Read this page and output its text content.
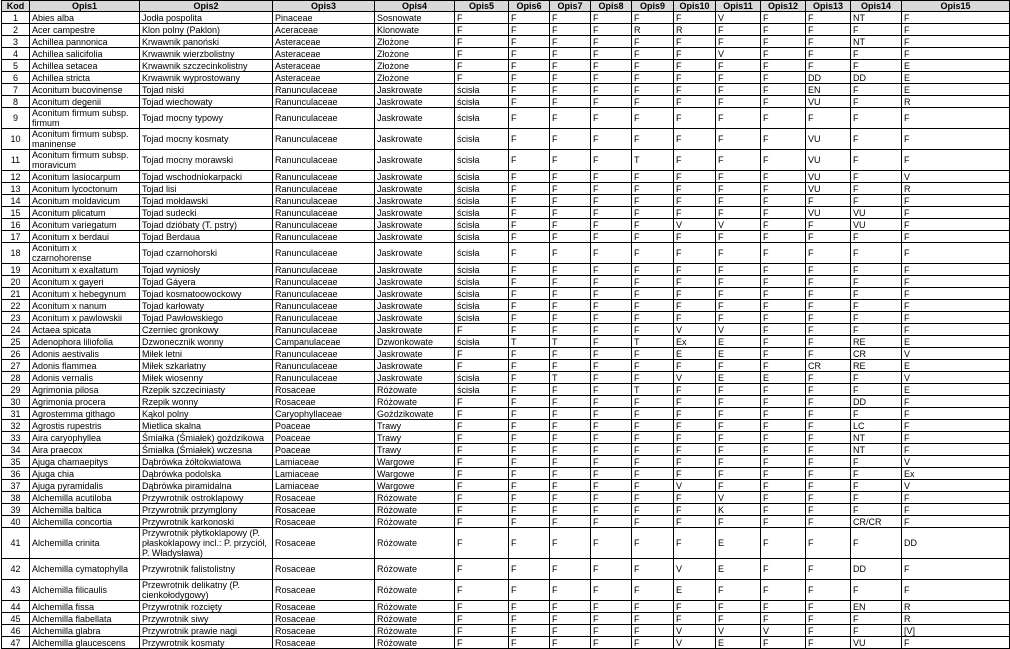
Kod	Opis1	Opis2	Opis3	Opis4	Opis5	Opis6	Opis7	Opis8	Opis9	Opis10	Opis11	Opis12	Opis13	Opis14	Opis15
1	Abies alba	Jodła pospolita	Pinaceae	Sosnowate	F	F	F	F	F	F	V	F	F	NT	F
2	Acer campestre	Klon polny (Paklon)	Aceraceae	Klonowate	F	F	F	F	R	R	F	F	F	F	F
3	Achillea pannonica	Krwawnik panoński	Asteraceae	Złożone	F	F	F	F	F	F	F	F	F	NT	F
4	Achillea salicifolia	Krwawnik wierzbolistny	Asteraceae	Złożone	F	F	F	F	F	F	V	F	F	F	F
5	Achillea setacea	Krwawnik szczecinkolistny	Asteraceae	Złożone	F	F	F	F	F	F	F	F	F	F	E
6	Achillea stricta	Krwawnik wyprostowany	Asteraceae	Złożone	F	F	F	F	F	F	F	F	DD	DD	E
7	Aconitum bucovinense	Tojad niski	Ranunculaceae	Jaskrowate	ścisła	F	F	F	F	F	F	F	EN	F	E
8	Aconitum degenii	Tojad wiechowaty	Ranunculaceae	Jaskrowate	ścisła	F	F	F	F	F	F	F	VU	F	R
9	Aconitum firmum subsp. firmum	Tojad mocny typowy	Ranunculaceae	Jaskrowate	ścisła	F	F	F	F	F	F	F	F	F	F
10	Aconitum firmum subsp. maninense	Tojad mocny kosmaty	Ranunculaceae	Jaskrowate	ścisła	F	F	F	F	F	F	F	VU	F	F
11	Aconitum firmum subsp. moravicum	Tojad mocny morawski	Ranunculaceae	Jaskrowate	ścisła	F	F	F	T	F	F	F	VU	F	F
12	Aconitum lasiocarpum	Tojad wschodniokarpacki	Ranunculaceae	Jaskrowate	ścisła	F	F	F	F	F	F	F	VU	F	V
13	Aconitum lycoctonum	Tojad lisi	Ranunculaceae	Jaskrowate	ścisła	F	F	F	F	F	F	F	VU	F	R
14	Aconitum moldavicum	Tojad mołdawski	Ranunculaceae	Jaskrowate	ścisła	F	F	F	F	F	F	F	F	F	F
15	Aconitum plicatum	Tojad sudecki	Ranunculaceae	Jaskrowate	ścisła	F	F	F	F	F	F	F	VU	VU	F
16	Aconitum variegatum	Tojad dzióbaty (T. pstry)	Ranunculaceae	Jaskrowate	ścisła	F	F	F	F	V	V	F	F	VU	F
17	Aconitum x berdaui	Tojad Berdaua	Ranunculaceae	Jaskrowate	ścisła	F	F	F	F	F	F	F	F	F	F
18	Aconitum x czarnohorense	Tojad czarnohorski	Ranunculaceae	Jaskrowate	ścisła	F	F	F	F	F	F	F	F	F	F
19	Aconitum x exaltatum	Tojad wyniosły	Ranunculaceae	Jaskrowate	ścisła	F	F	F	F	F	F	F	F	F	F
20	Aconitum x gayeri	Tojad Gáyera	Ranunculaceae	Jaskrowate	ścisła	F	F	F	F	F	F	F	F	F	F
21	Aconitum x hebegynum	Tojad kosmatoowockowy	Ranunculaceae	Jaskrowate	ścisła	F	F	F	F	F	F	F	F	F	F
22	Aconitum x nanum	Tojad karłowaty	Ranunculaceae	Jaskrowate	ścisła	F	F	F	F	F	F	F	F	F	F
23	Aconitum x pawlowskii	Tojad Pawłowskiego	Ranunculaceae	Jaskrowate	ścisła	F	F	F	F	F	F	F	F	F	F
24	Actaea spicata	Czerniec gronkowy	Ranunculaceae	Jaskrowate	F	F	F	F	F	V	V	F	F	F	F
25	Adenophora liliofolia	Dzwonecznik wonny	Campanulaceae	Dzwonkowate	ścisła	T	T	F	T	Ex	E	F	F	RE	E
26	Adonis aestivalis	Miłek letni	Ranunculaceae	Jaskrowate	F	F	F	F	F	E	E	F	F	CR	V
27	Adonis flammea	Miłek szkarłatny	Ranunculaceae	Jaskrowate	F	F	F	F	F	F	F	F	CR	RE	E
28	Adonis vernalis	Miłek wiosenny	Ranunculaceae	Jaskrowate	ścisła	F	T	F	F	V	E	E	F	F	V
29	Agrimonia pilosa	Rzepik szczeciniasty	Rosaceae	Różowate	ścisła	F	F	F	T	F	F	F	F	F	E
30	Agrimonia procera	Rzepik wonny	Rosaceae	Różowate	F	F	F	F	F	F	F	F	F	DD	F
31	Agrostemma githago	Kąkol polny	Caryophyllaceae	Goździkowate	F	F	F	F	F	F	F	F	F	F	F
32	Agrostis rupestris	Mietlica skalna	Poaceae	Trawy	F	F	F	F	F	F	F	F	F	LC	F
33	Aira caryophyllea	Śmiałka (Śmiałek) goździkowa	Poaceae	Trawy	F	F	F	F	F	F	F	F	F	NT	F
34	Aira praecox	Śmiałka (Śmiałek) wczesna	Poaceae	Trawy	F	F	F	F	F	F	F	F	F	NT	F
35	Ajuga chamaepitys	Dąbrówka żółtokwiatowa	Lamiaceae	Wargowe	F	F	F	F	F	F	F	F	F	F	V
36	Ajuga chia	Dąbrówka podolska	Lamiaceae	Wargowe	F	F	F	F	F	F	F	F	F	F	Ex
37	Ajuga pyramidalis	Dąbrówka piramidalna	Lamiaceae	Wargowe	F	F	F	F	F	V	F	F	F	F	V
38	Alchemilla acutiloba	Przywrotnik ostroklapowy	Rosaceae	Różowate	F	F	F	F	F	F	V	F	F	F	F
39	Alchemilla baltica	Przywrotnik przymglony	Rosaceae	Różowate	F	F	F	F	F	F	K	F	F	F	F
40	Alchemilla concortia	Przywrotnik karkonoski	Rosaceae	Różowate	F	F	F	F	F	F	F	F	F	CR/CR	F
41	Alchemilla crinita	Przywrotnik płytkoklapowy (P. płaskoklapowy incl.: P. przyciół, P. Władysława)	Rosaceae	Różowate	F	F	F	F	F	F	E	F	F	F	DD
42	Alchemilla cymatophylla	Przywrotnik falistolistny	Rosaceae	Różowate	F	F	F	F	F	V	E	F	F	DD	F
43	Alchemilla filicaulis	Przewrotnik delikatny (P. cienkołodygowy)	Rosaceae	Różowate	F	F	F	F	F	E	F	F	F	F	F
44	Alchemilla fissa	Przywrotnik rozcięty	Rosaceae	Różowate	F	F	F	F	F	F	F	F	F	EN	R
45	Alchemilla flabellata	Przywrotnik siwy	Rosaceae	Różowate	F	F	F	F	F	F	F	F	F	F	R
46	Alchemilla glabra	Przywrotnik prawie nagi	Rosaceae	Różowate	F	F	F	F	F	V	V	V	F	F	[V]
47	Alchemilla glaucescens	Przywrotnik kosmaty	Rosaceae	Różowate	F	F	F	F	F	V	E	F	F	VU	F
